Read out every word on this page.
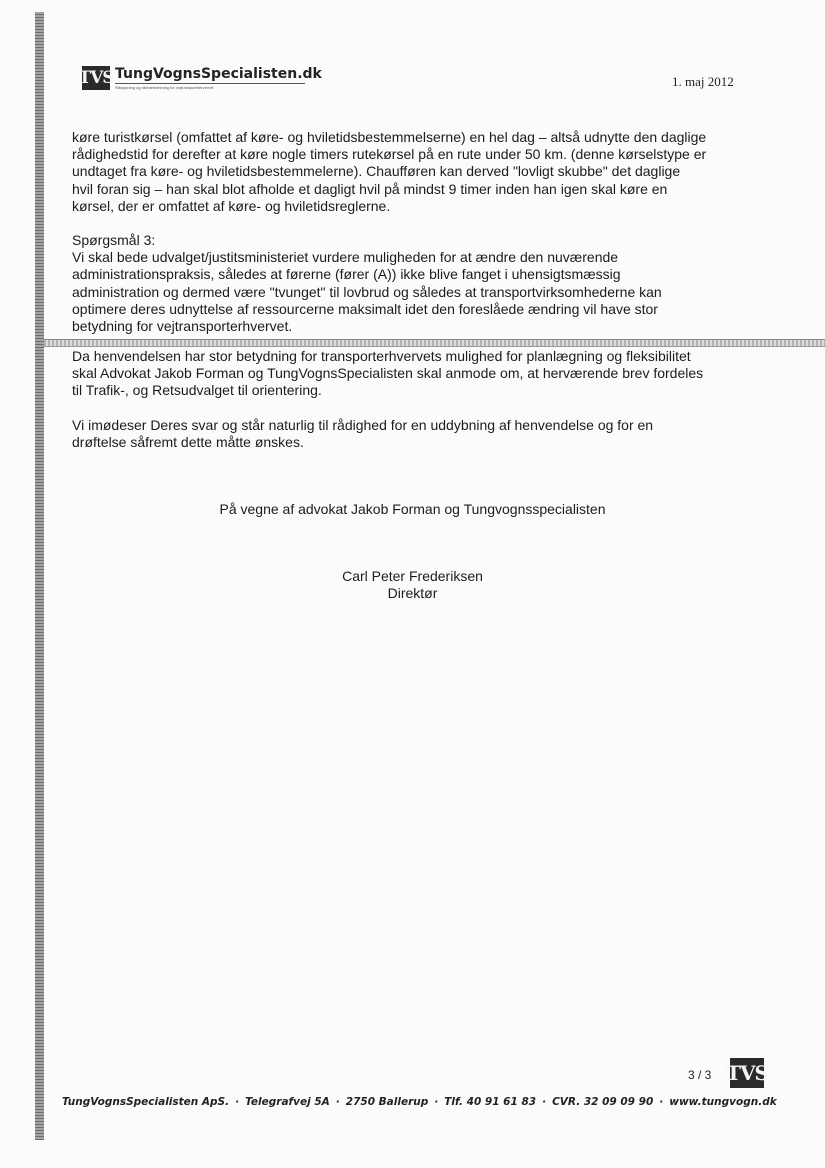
TVS TungVognsSpecialisten.dk
Rådgivning og rådmedvirkning for vejtransporthervervet	1. maj 2012

køre turistkørsel (omfattet af køre- og hviletidsbestemmelserne) en hel dag – altså udnytte den daglige

rådighedstid for derefter at køre nogle timers rutekørsel på en rute under 50 km. (denne kørselstype er

undtaget fra køre- og hviletidsbestemmelerne). Chaufføren kan derved "lovligt skubbe" det daglige

hvil foran sig – han skal blot afholde et dagligt hvil på mindst 9 timer inden han igen skal køre en

kørsel, der er omfattet af køre- og hviletidsreglerne.

Spørgsmål 3:

Vi skal bede udvalget/justitsministeriet vurdere muligheden for at ændre den nuværende

administrationspraksis, således at førerne (fører (A)) ikke blive fanget i uhensigtsmæssig

administration og dermed være "tvunget" til lovbrud og således at transportvirksomhederne kan

optimere deres udnyttelse af ressourcerne maksimalt idet den foreslåede ændring vil have stor

betydning for vejtransporterhvervet.

Da henvendelsen har stor betydning for transporterhvervets mulighed for planlægning og fleksibilitet

skal Advokat Jakob Forman og TungVognsSpecialisten skal anmode om, at herværende brev fordeles

til Trafik-, og Retsudvalget til orientering.

Vi imødeser Deres svar og står naturlig til rådighed for en uddybning af henvendelse og for en

drøftelse såfremt dette måtte ønskes.

På vegne af advokat Jakob Forman og Tungvognsspecialisten
Carl Peter Frederiksen
Direktør
3 / 3 TVS
TungVognsSpecialisten ApS. · Telegrafvej 5A · 2750 Ballerup · Tlf. 40 91 61 83 · CVR. 32 09 09 90 · www.tungvogn.dk
